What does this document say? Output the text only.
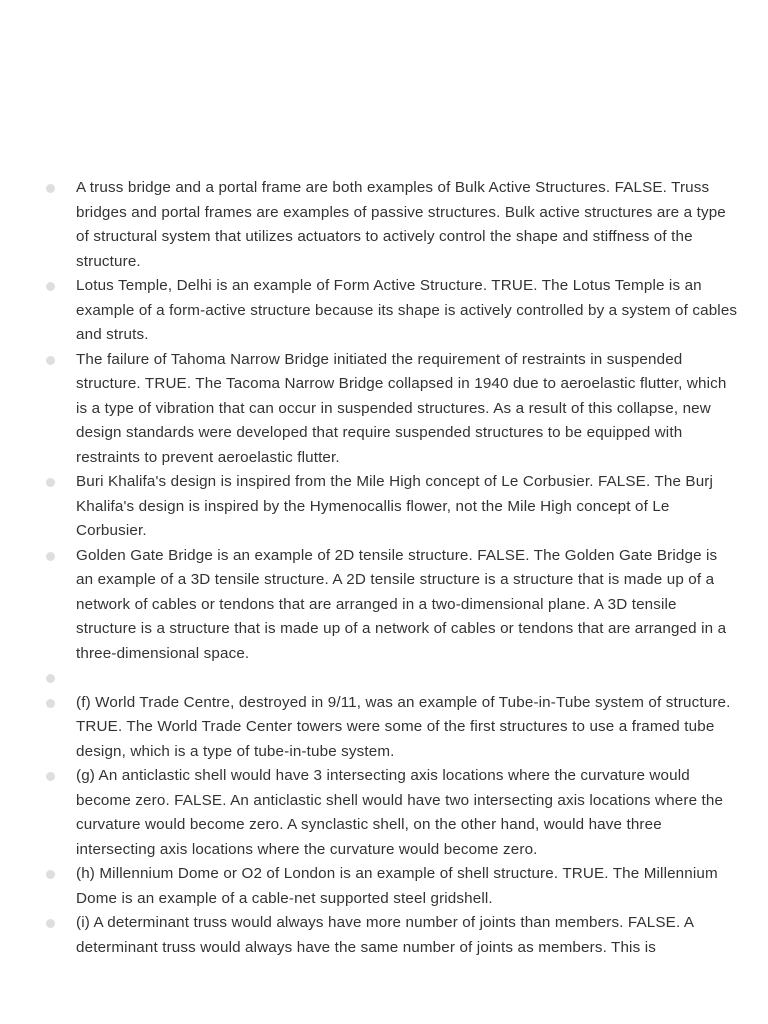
A truss bridge and a portal frame are both examples of Bulk Active Structures. FALSE. Truss bridges and portal frames are examples of passive structures. Bulk active structures are a type of structural system that utilizes actuators to actively control the shape and stiffness of the structure.
Lotus Temple, Delhi is an example of Form Active Structure. TRUE. The Lotus Temple is an example of a form-active structure because its shape is actively controlled by a system of cables and struts.
The failure of Tahoma Narrow Bridge initiated the requirement of restraints in suspended structure. TRUE. The Tacoma Narrow Bridge collapsed in 1940 due to aeroelastic flutter, which is a type of vibration that can occur in suspended structures. As a result of this collapse, new design standards were developed that require suspended structures to be equipped with restraints to prevent aeroelastic flutter.
Buri Khalifa's design is inspired from the Mile High concept of Le Corbusier. FALSE. The Burj Khalifa's design is inspired by the Hymenocallis flower, not the Mile High concept of Le Corbusier.
Golden Gate Bridge is an example of 2D tensile structure. FALSE. The Golden Gate Bridge is an example of a 3D tensile structure. A 2D tensile structure is a structure that is made up of a network of cables or tendons that are arranged in a two-dimensional plane. A 3D tensile structure is a structure that is made up of a network of cables or tendons that are arranged in a three-dimensional space.
(f) World Trade Centre, destroyed in 9/11, was an example of Tube-in-Tube system of structure. TRUE. The World Trade Center towers were some of the first structures to use a framed tube design, which is a type of tube-in-tube system.
(g) An anticlastic shell would have 3 intersecting axis locations where the curvature would become zero. FALSE. An anticlastic shell would have two intersecting axis locations where the curvature would become zero. A synclastic shell, on the other hand, would have three intersecting axis locations where the curvature would become zero.
(h) Millennium Dome or O2 of London is an example of shell structure. TRUE. The Millennium Dome is an example of a cable-net supported steel gridshell.
(i) A determinant truss would always have more number of joints than members. FALSE. A determinant truss would always have the same number of joints as members. This is
